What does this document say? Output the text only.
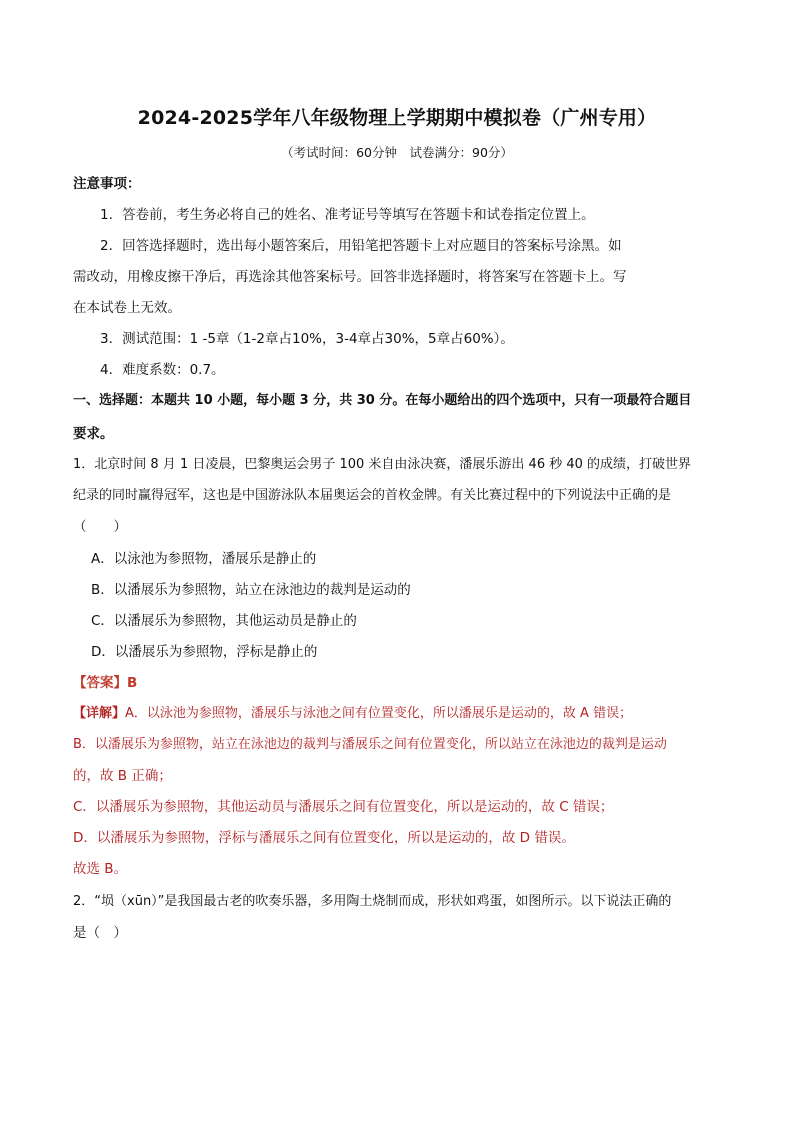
2024-2025学年八年级物理上学期期中模拟卷（广州专用）
（考试时间：60分钟　试卷满分：90分）
注意事项：
1．答卷前，考生务必将自己的姓名、准考证号等填写在答题卡和试卷指定位置上。
2．回答选择题时，选出每小题答案后，用铅笔把答题卡上对应题目的答案标号涂黑。如
需改动，用橡皮擦干净后，再选涂其他答案标号。回答非选择题时，将答案写在答题卡上。写
在本试卷上无效。
3．测试范围：1 -5章（1-2章占10%，3-4章占30%，5章占60%）。
4．难度系数：0.7。
一、选择题：本题共 10 小题，每小题 3 分，共 30 分。在每小题给出的四个选项中，只有一项最符合题目
要求。
1．北京时间 8 月 1 日凌晨，巴黎奥运会男子 100 米自由泳决赛，潘展乐游出 46 秒 40 的成绩，打破世界
纪录的同时赢得冠军，这也是中国游泳队本届奥运会的首枚金牌。有关比赛过程中的下列说法中正确的是
（　　）
A．以泳池为参照物，潘展乐是静止的
B．以潘展乐为参照物，站立在泳池边的裁判是运动的
C．以潘展乐为参照物，其他运动员是静止的
D．以潘展乐为参照物，浮标是静止的
【答案】B
【详解】A．以泳池为参照物，潘展乐与泳池之间有位置变化，所以潘展乐是运动的，故 A 错误；
B．以潘展乐为参照物，站立在泳池边的裁判与潘展乐之间有位置变化，所以站立在泳池边的裁判是运动
的，故 B 正确；
C．以潘展乐为参照物，其他运动员与潘展乐之间有位置变化，所以是运动的，故 C 错误；
D．以潘展乐为参照物，浮标与潘展乐之间有位置变化，所以是运动的，故 D 错误。
故选 B。
2．“埙（xūn）”是我国最古老的吹奏乐器，多用陶土烧制而成，形状如鸡蛋，如图所示。以下说法正确的
是（　）
